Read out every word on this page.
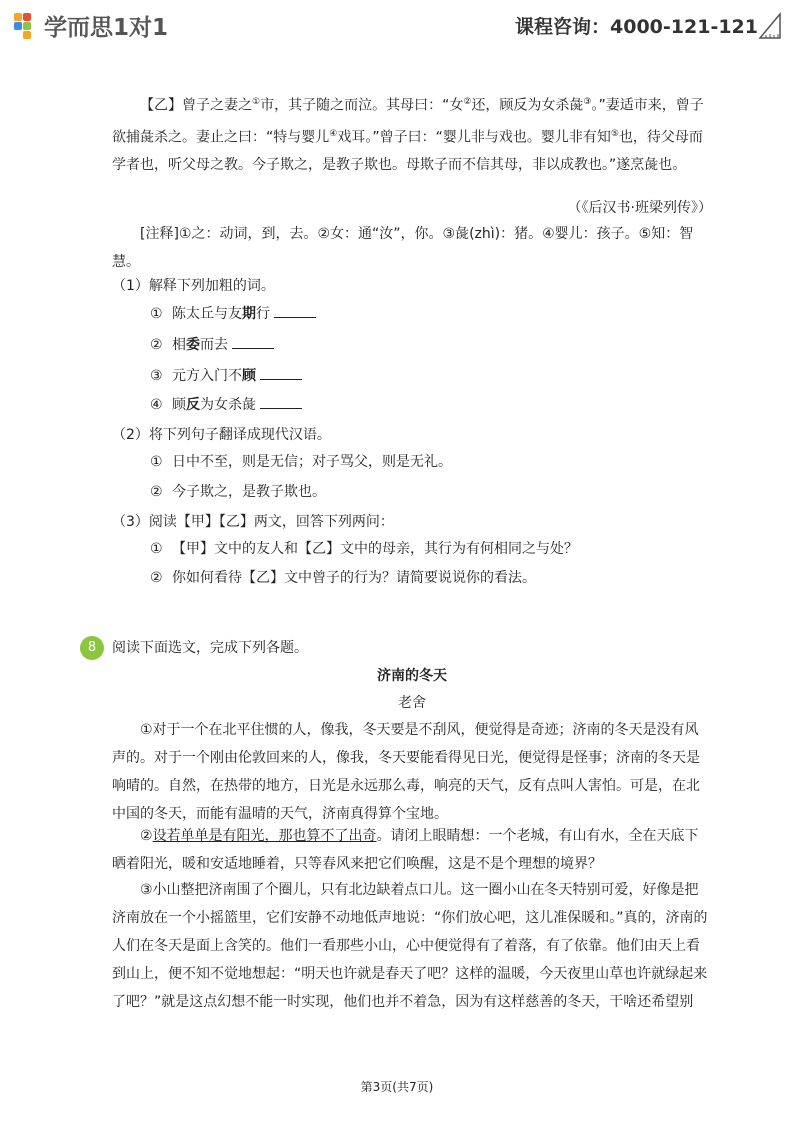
学而思1对1	课程咨询：4000-121-121

【乙】曾子之妻之①市，其子随之而泣。其母曰：“女②还，顾反为女杀彘③。”妻适市来，曾子欲捕彘杀之。妻止之曰：“特与婴儿④戏耳。”曾子曰：“婴儿非与戏也。婴儿非有知⑤也，待父母而学者也，听父母之教。今子欺之，是教子欺也。母欺子而不信其母，非以成教也。”遂烹彘也。

（《后汉书·班梁列传》）

[注释]①之：动词，到，去。②女：通“汝”，你。③彘(zhì)：猪。④婴儿：孩子。⑤知：智慧。

（1）解释下列加粗的词。

① 陈太丘与友期行

② 相委而去

③ 元方入门不顾

④ 顾反为女杀彘

（2）将下列句子翻译成现代汉语。

① 日中不至，则是无信；对子骂父，则是无礼。

② 今子欺之，是教子欺也。

（3）阅读【甲】【乙】两文，回答下列两问：

① 【甲】文中的友人和【乙】文中的母亲，其行为有何相同之与处？

② 你如何看待【乙】文中曾子的行为？请简要说说你的看法。

8	阅读下面选文，完成下列各题。

济南的冬天

老舍

①对于一个在北平住惯的人，像我，冬天要是不刮风，便觉得是奇迹；济南的冬天是没有风声的。对于一个刚由伦敦回来的人，像我，冬天要能看得见日光，便觉得是怪事；济南的冬天是响晴的。自然，在热带的地方，日光是永远那么毒，响亮的天气，反有点叫人害怕。可是，在北中国的冬天，而能有温晴的天气，济南真得算个宝地。

②设若单单是有阳光，那也算不了出奇。请闭上眼睛想：一个老城，有山有水，全在天底下晒着阳光，暖和安适地睡着，只等春风来把它们唤醒，这是不是个理想的境界？

③小山整把济南围了个圈儿，只有北边缺着点口儿。这一圈小山在冬天特别可爱，好像是把济南放在一个小摇篮里，它们安静不动地低声地说：“你们放心吧，这儿准保暖和。”真的，济南的人们在冬天是面上含笑的。他们一看那些小山，心中便觉得有了着落，有了依靠。他们由天上看到山上，便不知不觉地想起：“明天也许就是春天了吧？这样的温暖，今天夜里山草也许就绿起来了吧？”就是这点幻想不能一时实现，他们也并不着急，因为有这样慈善的冬天，干啥还希望别

第3页(共7页)
